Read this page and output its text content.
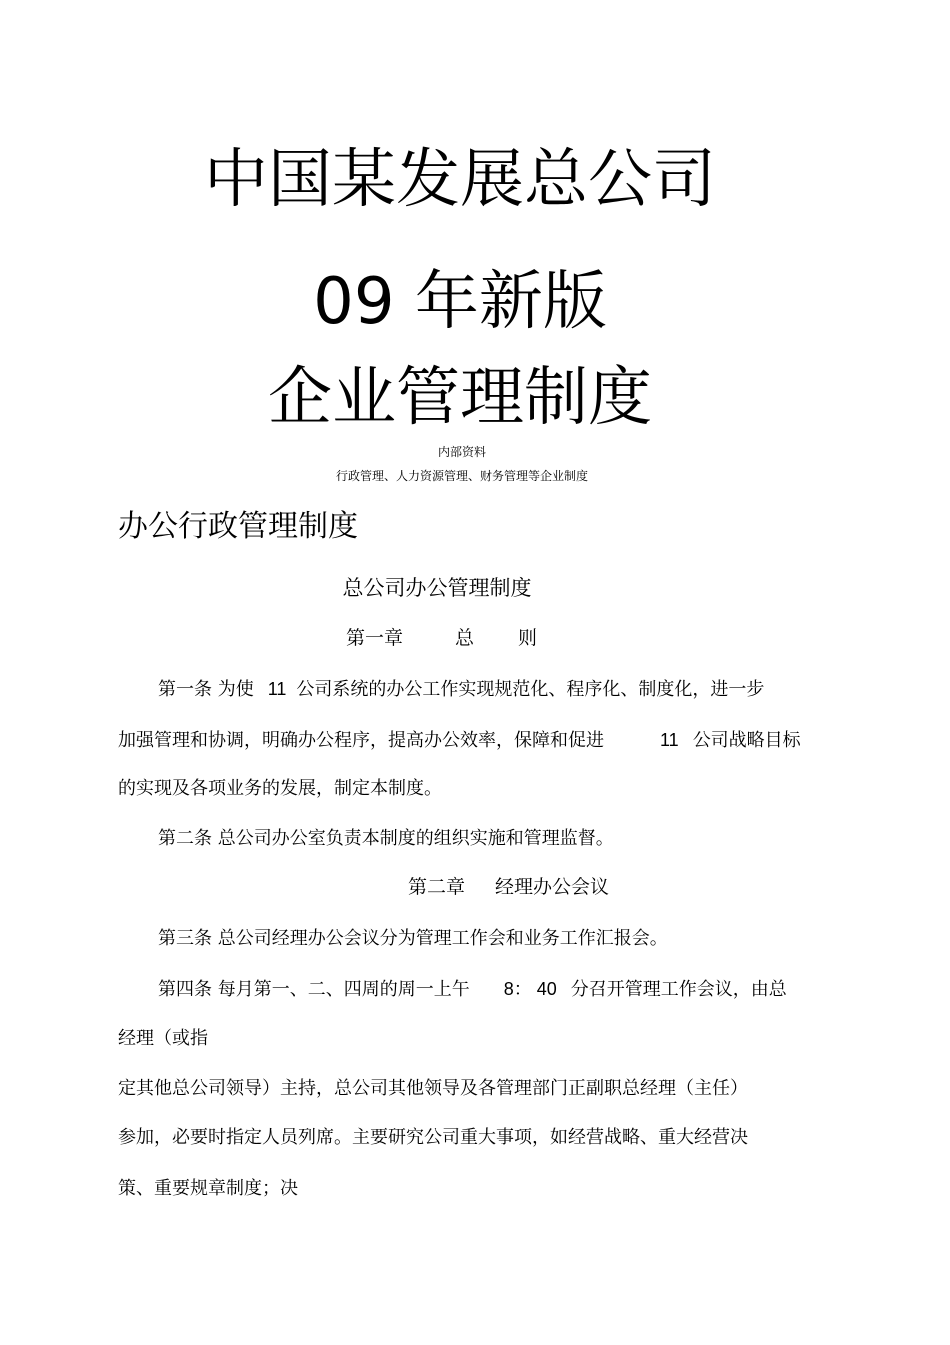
中国某发展总公司
09 年新版
企业管理制度
内部资料
行政管理、人力资源管理、财务管理等企业制度
办公行政管理制度
总公司办公管理制度
第一章	总 则
第一条 为使 11 公司系统的办公工作实现规范化、程序化、制度化，进一步
加强管理和协调，明确办公程序，提高办公效率，保障和促进	11 公司战略目标
的实现及各项业务的发展，制定本制度。
第二条 总公司办公室负责本制度的组织实施和管理监督。
第二章 经理办公会议
第三条 总公司经理办公会议分为管理工作会和业务工作汇报会。
第四条 每月第一、二、四周的周一上午 8： 40 分召开管理工作会议，由总
经理（或指
定其他总公司领导）主持，总公司其他领导及各管理部门正副职总经理（主任）
参加，必要时指定人员列席。主要研究公司重大事项，如经营战略、重大经营决
策、重要规章制度；决
